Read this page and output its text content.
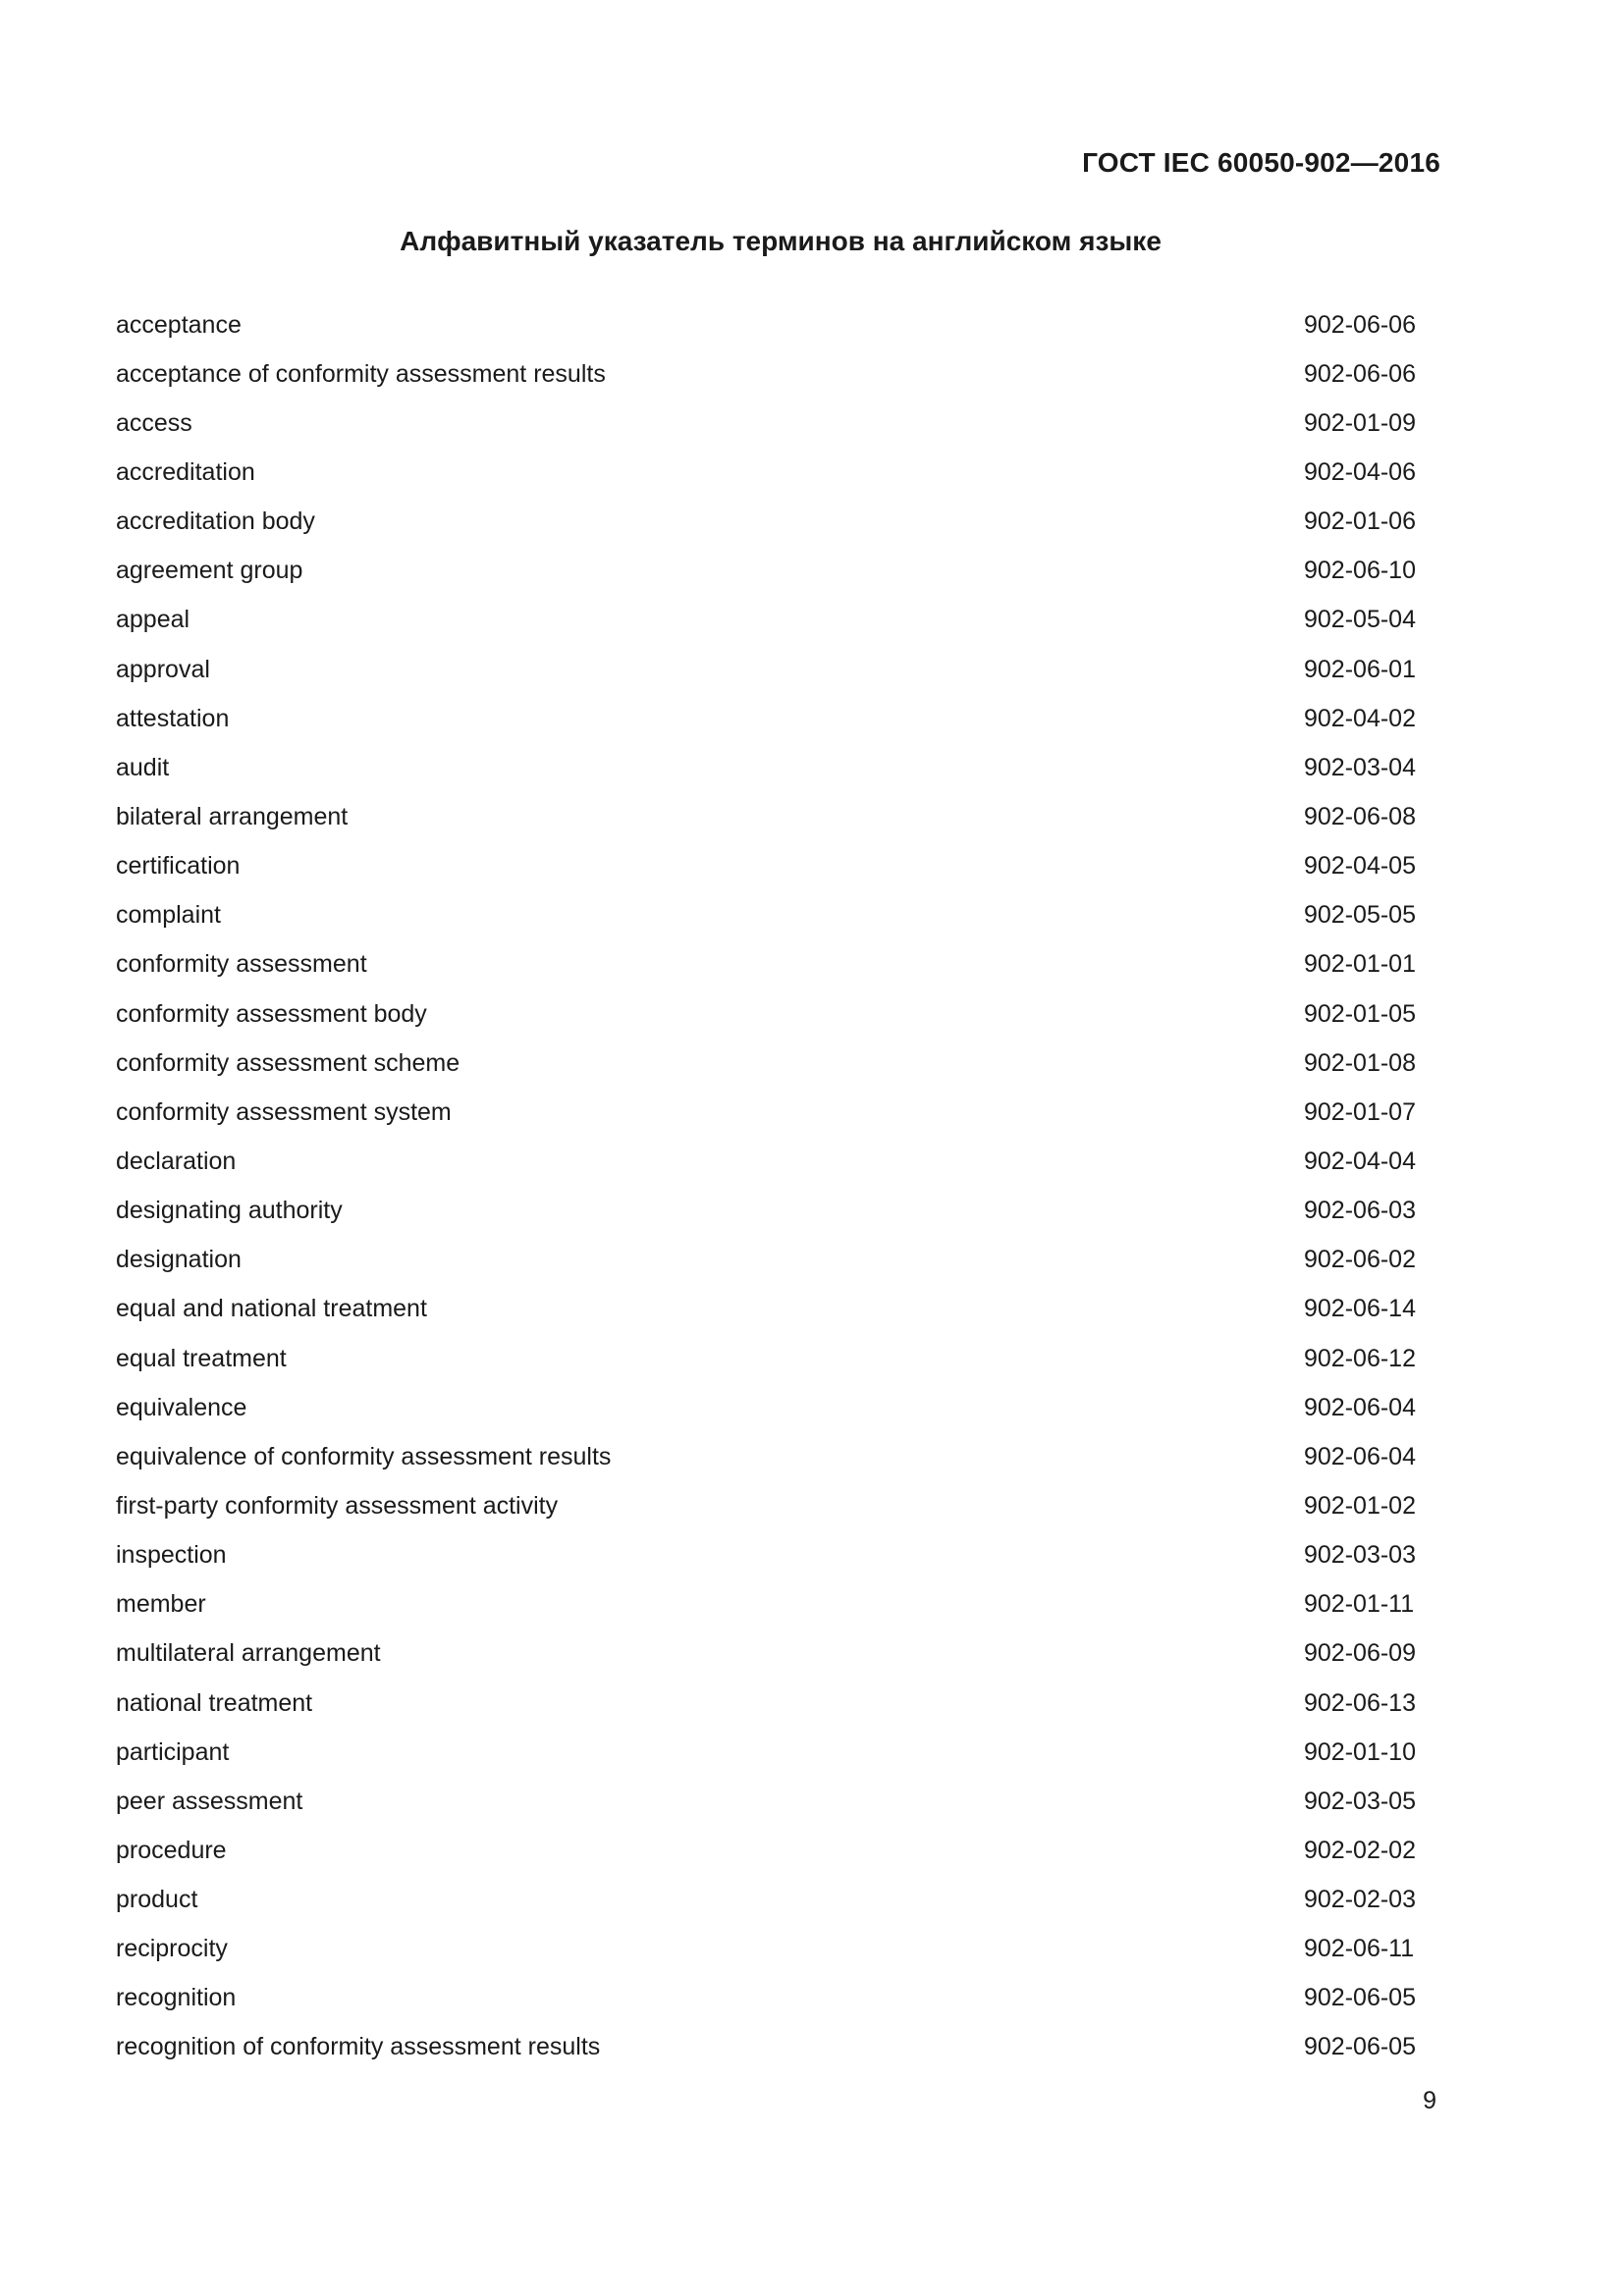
ГОСТ IEC 60050-902—2016
Алфавитный указатель терминов на английском языке
acceptance	902-06-06
acceptance of conformity assessment results	902-06-06
access	902-01-09
accreditation	902-04-06
accreditation body	902-01-06
agreement group	902-06-10
appeal	902-05-04
approval	902-06-01
attestation	902-04-02
audit	902-03-04
bilateral arrangement	902-06-08
certification	902-04-05
complaint	902-05-05
conformity assessment	902-01-01
conformity assessment body	902-01-05
conformity assessment scheme	902-01-08
conformity assessment system	902-01-07
declaration	902-04-04
designating authority	902-06-03
designation	902-06-02
equal and national treatment	902-06-14
equal treatment	902-06-12
equivalence	902-06-04
equivalence of conformity assessment results	902-06-04
first-party conformity assessment activity	902-01-02
inspection	902-03-03
member	902-01-11
multilateral arrangement	902-06-09
national treatment	902-06-13
participant	902-01-10
peer assessment	902-03-05
procedure	902-02-02
product	902-02-03
reciprocity	902-06-11
recognition	902-06-05
recognition of conformity assessment results	902-06-05
9
